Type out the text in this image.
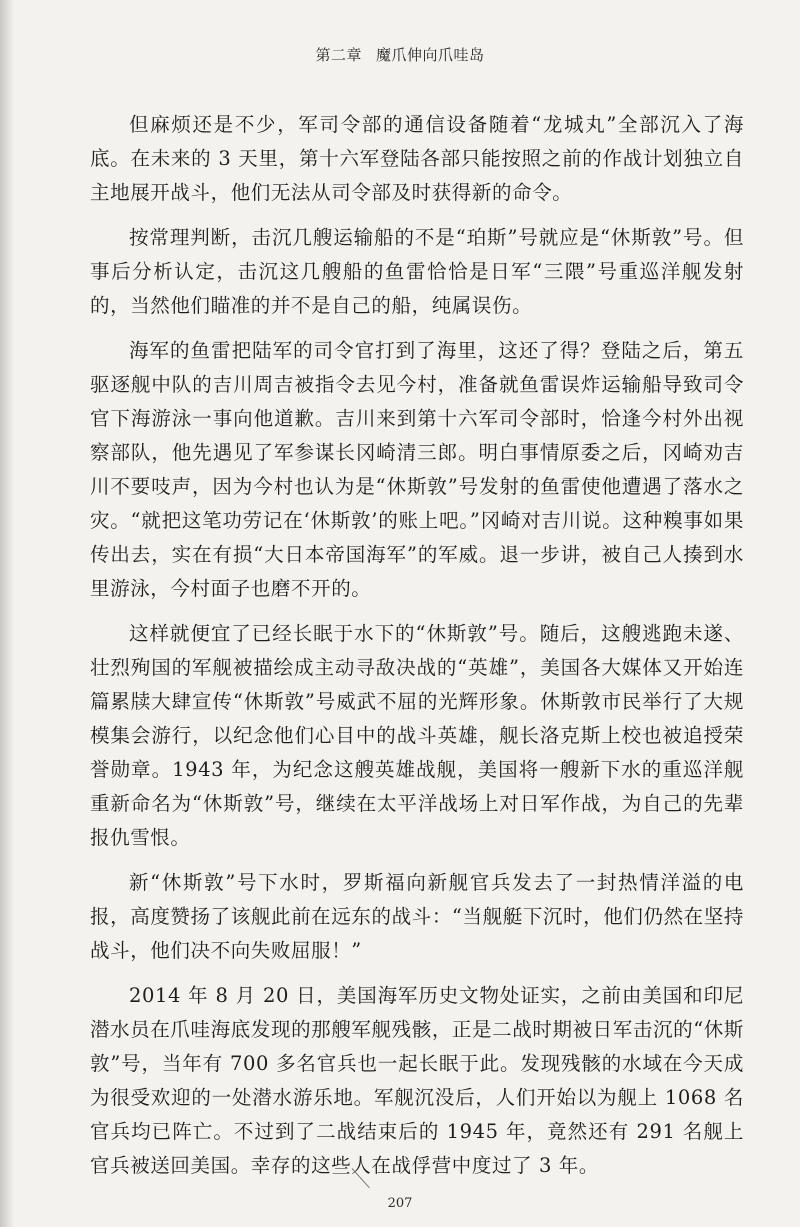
第二章 魔爪伸向爪哇岛

但麻烦还是不少，军司令部的通信设备随着“龙城丸”全部沉入了海底。在未来的 3 天里，第十六军登陆各部只能按照之前的作战计划独立自主地展开战斗，他们无法从司令部及时获得新的命令。

按常理判断，击沉几艘运输船的不是“珀斯”号就应是“休斯敦”号。但事后分析认定，击沉这几艘船的鱼雷恰恰是日军“三隈”号重巡洋舰发射的，当然他们瞄准的并不是自己的船，纯属误伤。

海军的鱼雷把陆军的司令官打到了海里，这还了得？登陆之后，第五驱逐舰中队的吉川周吉被指令去见今村，准备就鱼雷误炸运输船导致司令官下海游泳一事向他道歉。吉川来到第十六军司令部时，恰逢今村外出视察部队，他先遇见了军参谋长冈崎清三郎。明白事情原委之后，冈崎劝吉川不要吱声，因为今村也认为是“休斯敦”号发射的鱼雷使他遭遇了落水之灾。“就把这笔功劳记在‘休斯敦’的账上吧。”冈崎对吉川说。这种糗事如果传出去，实在有损“大日本帝国海军”的军威。退一步讲，被自己人揍到水里游泳，今村面子也磨不开的。

这样就便宜了已经长眠于水下的“休斯敦”号。随后，这艘逃跑未遂、壮烈殉国的军舰被描绘成主动寻敌决战的“英雄”，美国各大媒体又开始连篇累牍大肆宣传“休斯敦”号威武不屈的光辉形象。休斯敦市民举行了大规模集会游行，以纪念他们心目中的战斗英雄，舰长洛克斯上校也被追授荣誉勋章。1943 年，为纪念这艘英雄战舰，美国将一艘新下水的重巡洋舰重新命名为“休斯敦”号，继续在太平洋战场上对日军作战，为自己的先辈报仇雪恨。

新“休斯敦”号下水时，罗斯福向新舰官兵发去了一封热情洋溢的电报，高度赞扬了该舰此前在远东的战斗：“当舰艇下沉时，他们仍然在坚持战斗，他们决不向失败屈服！”

2014 年 8 月 20 日，美国海军历史文物处证实，之前由美国和印尼潜水员在爪哇海底发现的那艘军舰残骸，正是二战时期被日军击沉的“休斯敦”号，当年有 700 多名官兵也一起长眠于此。发现残骸的水域在今天成为很受欢迎的一处潜水游乐地。军舰沉没后，人们开始以为舰上 1068 名官兵均已阵亡。不过到了二战结束后的 1945 年，竟然还有 291 名舰上官兵被送回美国。幸存的这些人在战俘营中度过了 3 年。

207
